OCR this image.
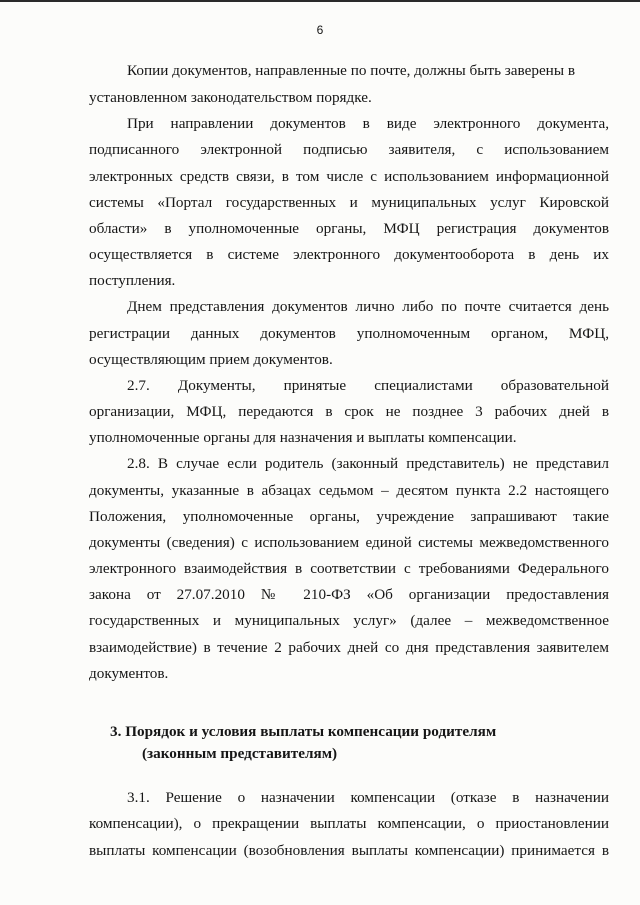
6
Копии документов, направленные по почте, должны быть заверены в
установленном законодательством порядке.
При направлении документов в виде электронного документа,
подписанного электронной подписью заявителя, с использованием
электронных средств связи, в том числе с использованием информационной
системы «Портал государственных и муниципальных услуг Кировской
области» в уполномоченные органы, МФЦ регистрация документов
осуществляется в системе электронного документооборота в день их
поступления.
Днем представления документов лично либо по почте считается день
регистрации данных документов уполномоченным органом, МФЦ,
осуществляющим прием документов.
2.7. Документы, принятые специалистами образовательной
организации, МФЦ, передаются в срок не позднее 3 рабочих дней в
уполномоченные органы для назначения и выплаты компенсации.
2.8. В случае если родитель (законный представитель) не представил
документы, указанные в абзацах седьмом – десятом пункта 2.2 настоящего
Положения, уполномоченные органы, учреждение запрашивают такие
документы (сведения) с использованием единой системы межведомственного
электронного взаимодействия в соответствии с требованиями Федерального
закона от 27.07.2010 № 210-ФЗ «Об организации предоставления
государственных и муниципальных услуг» (далее – межведомственное
взаимодействие) в течение 2 рабочих дней со дня представления заявителем
документов.
3. Порядок и условия выплаты компенсации родителям
(законным представителям)
3.1. Решение о назначении компенсации (отказе в назначении
компенсации), о прекращении выплаты компенсации, о приостановлении
выплаты компенсации (возобновления выплаты компенсации) принимается в
